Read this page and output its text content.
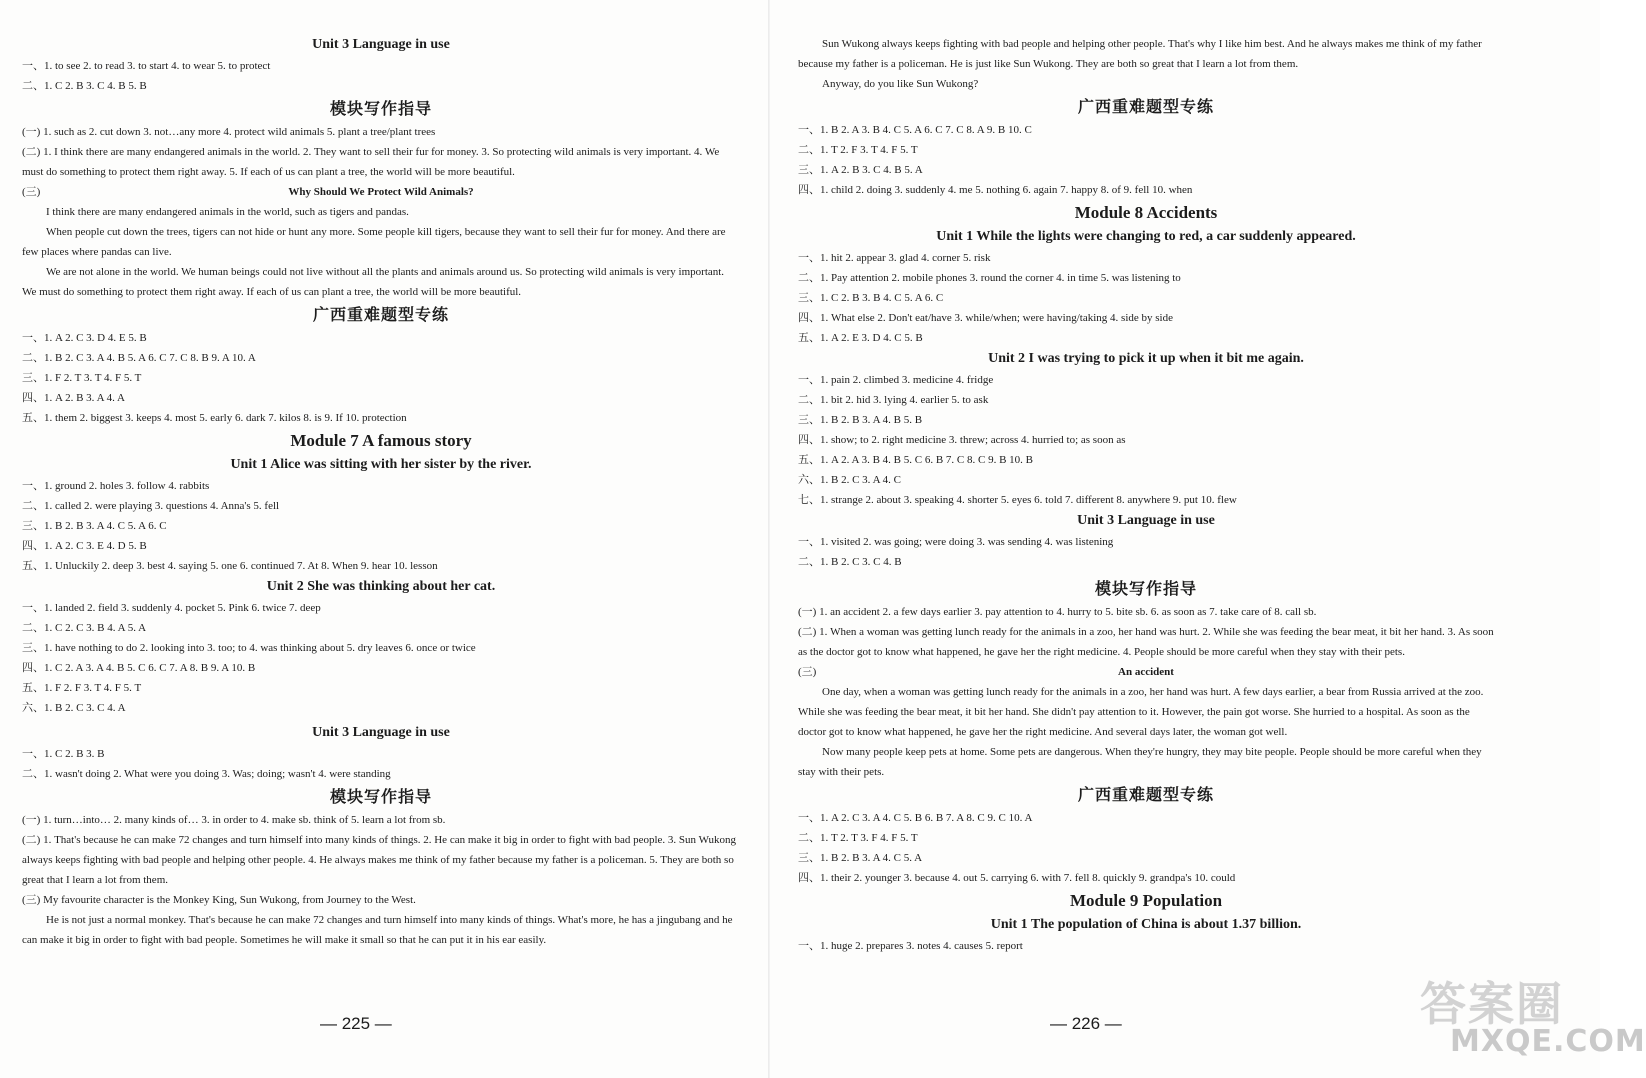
Unit 3 Language in use
一、1. to see 2. to read 3. to start 4. to wear 5. to protect
二、1. C 2. B 3. C 4. B 5. B
模块写作指导
(一) 1. such as 2. cut down 3. not…any more 4. protect wild animals 5. plant a tree/plant trees
(二) 1. I think there are many endangered animals in the world. 2. They want to sell their fur for money. 3. So protecting wild animals is very important. 4. We must do something to protect them right away. 5. If each of us can plant a tree, the world will be more beautiful.
(三)	Why Should We Protect Wild Animals?
I think there are many endangered animals in the world, such as tigers and pandas.
When people cut down the trees, tigers can not hide or hunt any more. Some people kill tigers, because they want to sell their fur for money. And there are few places where pandas can live.
We are not alone in the world. We human beings could not live without all the plants and animals around us. So protecting wild animals is very important. We must do something to protect them right away. If each of us can plant a tree, the world will be more beautiful.
广西重难题型专练
一、1. A 2. C 3. D 4. E 5. B
二、1. B 2. C 3. A 4. B 5. A 6. C 7. C 8. B 9. A 10. A
三、1. F 2. T 3. T 4. F 5. T
四、1. A 2. B 3. A 4. A
五、1. them 2. biggest 3. keeps 4. most 5. early 6. dark 7. kilos 8. is 9. If 10. protection
Module 7 A famous story
Unit 1 Alice was sitting with her sister by the river.
一、1. ground 2. holes 3. follow 4. rabbits
二、1. called 2. were playing 3. questions 4. Anna's 5. fell
三、1. B 2. B 3. A 4. C 5. A 6. C
四、1. A 2. C 3. E 4. D 5. B
五、1. Unluckily 2. deep 3. best 4. saying 5. one 6. continued 7. At 8. When 9. hear 10. lesson
Unit 2 She was thinking about her cat.
一、1. landed 2. field 3. suddenly 4. pocket 5. Pink 6. twice 7. deep
二、1. C 2. C 3. B 4. A 5. A
三、1. have nothing to do 2. looking into 3. too; to 4. was thinking about 5. dry leaves 6. once or twice
四、1. C 2. A 3. A 4. B 5. C 6. C 7. A 8. B 9. A 10. B
五、1. F 2. F 3. T 4. F 5. T
六、1. B 2. C 3. C 4. A
Unit 3 Language in use
一、1. C 2. B 3. B
二、1. wasn't doing 2. What were you doing 3. Was; doing; wasn't 4. were standing
模块写作指导
(一) 1. turn…into… 2. many kinds of… 3. in order to 4. make sb. think of 5. learn a lot from sb.
(二) 1. That's because he can make 72 changes and turn himself into many kinds of things. 2. He can make it big in order to fight with bad people. 3. Sun Wukong always keeps fighting with bad people and helping other people. 4. He always makes me think of my father because my father is a policeman. 5. They are both so great that I learn a lot from them.
(三) My favourite character is the Monkey King, Sun Wukong, from Journey to the West.
He is not just a normal monkey. That's because he can make 72 changes and turn himself into many kinds of things. What's more, he has a jingubang and he can make it big in order to fight with bad people. Sometimes he will make it small so that he can put it in his ear easily.
Sun Wukong always keeps fighting with bad people and helping other people. That's why I like him best. And he always makes me think of my father because my father is a policeman. He is just like Sun Wukong. They are both so great that I learn a lot from them.
Anyway, do you like Sun Wukong?
广西重难题型专练
一、1. B 2. A 3. B 4. C 5. A 6. C 7. C 8. A 9. B 10. C
二、1. T 2. F 3. T 4. F 5. T
三、1. A 2. B 3. C 4. B 5. A
四、1. child 2. doing 3. suddenly 4. me 5. nothing 6. again 7. happy 8. of 9. fell 10. when
Module 8 Accidents
Unit 1 While the lights were changing to red, a car suddenly appeared.
一、1. hit 2. appear 3. glad 4. corner 5. risk
二、1. Pay attention 2. mobile phones 3. round the corner 4. in time 5. was listening to
三、1. C 2. B 3. B 4. C 5. A 6. C
四、1. What else 2. Don't eat/have 3. while/when; were having/taking 4. side by side
五、1. A 2. E 3. D 4. C 5. B
Unit 2 I was trying to pick it up when it bit me again.
一、1. pain 2. climbed 3. medicine 4. fridge
二、1. bit 2. hid 3. lying 4. earlier 5. to ask
三、1. B 2. B 3. A 4. B 5. B
四、1. show; to 2. right medicine 3. threw; across 4. hurried to; as soon as
五、1. A 2. A 3. B 4. B 5. C 6. B 7. C 8. C 9. B 10. B
六、1. B 2. C 3. A 4. C
七、1. strange 2. about 3. speaking 4. shorter 5. eyes 6. told 7. different 8. anywhere 9. put 10. flew
Unit 3 Language in use
一、1. visited 2. was going; were doing 3. was sending 4. was listening
二、1. B 2. C 3. C 4. B
模块写作指导
(一) 1. an accident 2. a few days earlier 3. pay attention to 4. hurry to 5. bite sb. 6. as soon as 7. take care of 8. call sb.
(二) 1. When a woman was getting lunch ready for the animals in a zoo, her hand was hurt. 2. While she was feeding the bear meat, it bit her hand. 3. As soon as the doctor got to know what happened, he gave her the right medicine. 4. People should be more careful when they stay with their pets.
(三)	An accident
One day, when a woman was getting lunch ready for the animals in a zoo, her hand was hurt. A few days earlier, a bear from Russia arrived at the zoo. While she was feeding the bear meat, it bit her hand. She didn't pay attention to it. However, the pain got worse. She hurried to a hospital. As soon as the doctor got to know what happened, he gave her the right medicine. And several days later, the woman got well.
Now many people keep pets at home. Some pets are dangerous. When they're hungry, they may bite people. People should be more careful when they stay with their pets.
广西重难题型专练
一、1. A 2. C 3. A 4. C 5. B 6. B 7. A 8. C 9. C 10. A
二、1. T 2. T 3. F 4. F 5. T
三、1. B 2. B 3. A 4. C 5. A
四、1. their 2. younger 3. because 4. out 5. carrying 6. with 7. fell 8. quickly 9. grandpa's 10. could
Module 9 Population
Unit 1 The population of China is about 1.37 billion.
一、1. huge 2. prepares 3. notes 4. causes 5. report
— 225 —	— 226 —	答案圈
MXQE.COM
